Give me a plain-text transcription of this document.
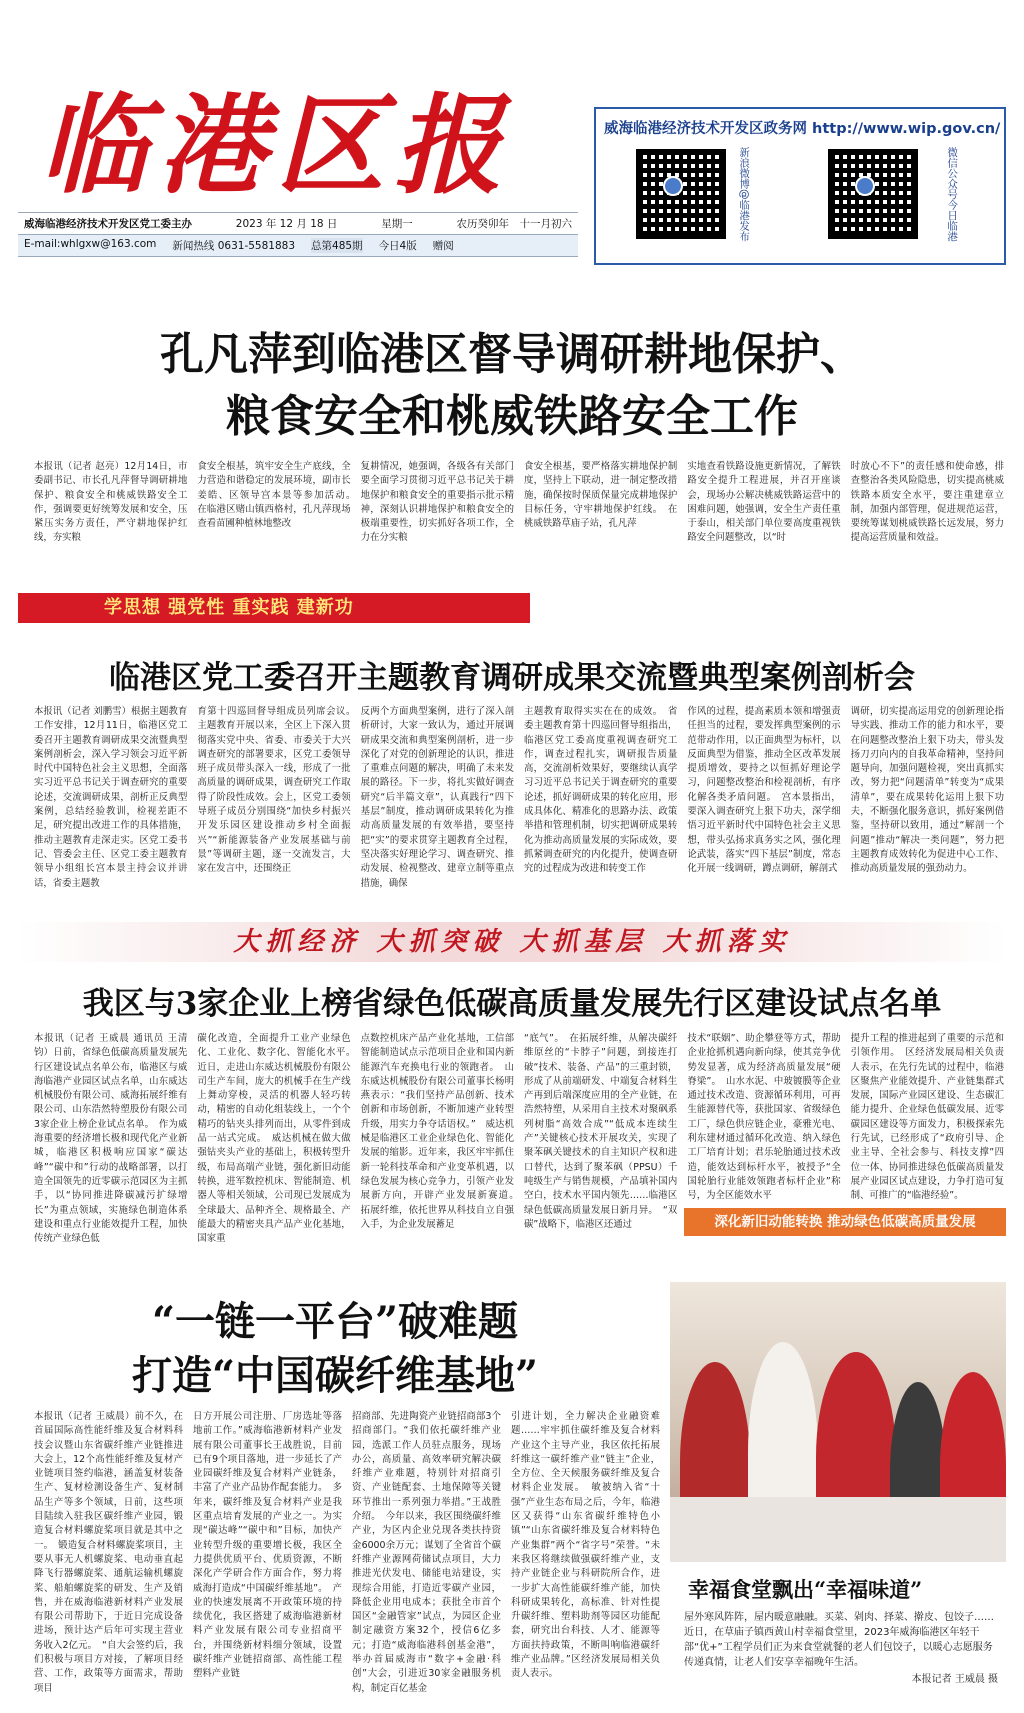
临港区报
威海临港经济技术开发区党工委主办	2023 年 12 月 18 日	星期一	农历癸卯年　十一月初六
E-mail:whlgxw@163.com 新闻热线 0631-5581883 总第485期 今日4版 赠阅
威海临港经济技术开发区政务网 http://www.wip.gov.cn/
新浪微博@临港发布	微信公众号今日临港
孔凡萍到临港区督导调研耕地保护、
粮食安全和桃威铁路安全工作
本报讯（记者 赵亮）12月14日，市委副书记、市长孔凡萍督导调研耕地保护、粮食安全和桃威铁路安全工作，强调要更好统筹发展和安全，压紧压实务方责任，严守耕地保护红线，夯实粮
食安全根基，筑牢安全生产底线，全力营造和谐稳定的发展环境，副市长姜皓、区领导宫本景等参加活动。　在临港区赌山镇西格村，孔凡萍现场查看苗圃种植林地整改
复耕情况，她强调，各级各有关部门要全面学习贯彻习近平总书记关于耕地保护和粮食安全的重要指示批示精神，深刻认识耕地保护和粮食安全的极端重要性，切实抓好各项工作，全力在分实粮
食安全根基，要严格落实耕地保护制度，坚持上下联动，进一制定整改措施，确保按时保质保量完成耕地保护目标任务，守牢耕地保护红线。　在桃威铁路草庙子站，孔凡萍
实地查看铁路设施更新情况，了解铁路安全提升工程进展，并召开座谈会，现场办公解决桃威铁路运营中的困难问题，她强调，安全生产责任重于泰山，相关部门单位要高度重视铁路安全问题整改，以“时
时放心不下”的责任感和使命感，排查整治各类风险隐患，切实提高桃威铁路本质安全水平，要注重建章立制，加强内部管理，促进规范运营，要统筹谋划桃威铁路长远发展，努力提高运营质量和效益。
学思想 强党性 重实践 建新功
临港区党工委召开主题教育调研成果交流暨典型案例剖析会
本报讯（记者 刘鹏雪）根据主题教育工作安排，12月11日，临港区党工委召开主题教育调研成果交流暨典型案例剖析会，深入学习领会习近平新时代中国特色社会主义思想，全面落实习近平总书记关于调查研究的重要论述，交流调研成果，剖析正反典型案例，总结经验教训，检视差距不足，研究提出改进工作的具体措施，推动主题教育走深走实。区党工委书记、管委会主任、区党工委主题教育领导小组组长宫本景主持会议并讲话，省委主题教
育第十四巡回督导组成员列席会议。　主题教育开展以来，全区上下深入贯彻落实党中央、省委、市委关于大兴调查研究的部署要求，区党工委领导班子成员带头深入一线，形成了一批高质量的调研成果，调查研究工作取得了阶段性成效。会上，区党工委领导班子成员分别围绕“加快乡村振兴开发乐园区建设推动乡村全面振兴”“新能源装备产业发展基础与前景”等调研主题，逐一交流发言，大家在发言中，还围绕正
反两个方面典型案例，进行了深入剖析研讨，大家一致认为，通过开展调研成果交流和典型案例剖析，进一步深化了对党的创新理论的认识，推进了重难点问题的解决，明确了未来发展的路径。下一步，将扎实做好调查研究“后半篇文章”，认真践行“四下基层”制度，推动调研成果转化为推动高质量发展的有效举措，要坚持把“实”的要求贯穿主题教育全过程，坚决落实好理论学习、调查研究、推动发展、检视整改、建章立制等重点措施，确保
主题教育取得实实在在的成效。　省委主题教育第十四巡回督导组指出，临港区党工委高度重视调查研究工作，调查过程扎实，调研报告质量高，交流剖析效果好，要继续认真学习习近平总书记关于调查研究的重要论述，抓好调研成果的转化应用，形成具体化、精准化的思路办法、政策举措和管理机制，切实把调研成果转化为推动高质量发展的实际成效，要抓紧调查研究的内化提升，使调查研究的过程成为改进和转变工作
作风的过程，提高素质本领和增强责任担当的过程，要发挥典型案例的示范带动作用，以正面典型为标杆，以反面典型为借鉴，推动全区改革发展提质增效，要持之以恒抓好理论学习，问题整改整治和检视剖析，有序化解各类矛盾问题。　宫本景指出，要深入调查研究上狠下功夫，深学细悟习近平新时代中国特色社会主义思想，带头弘扬求真务实之风，强化理论武装，落实“四下基层”制度，常态化开展一线调研，蹲点调研，解剖式
调研，切实提高运用党的创新理论指导实践、推动工作的能力和水平，要在问题整改整治上狠下功夫，带头发扬刀刃向内的自我革命精神，坚持问题导向，加强问题检视，突出真抓实改，努力把“问题清单”转变为“成果清单”，要在成果转化运用上狠下功夫，不断强化服务意识，抓好案例借鉴，坚持研以致用，通过“解剖一个问题”推动“解决一类问题”，努力把主题教育成效转化为促进中心工作、推动高质量发展的强劲动力。
大抓经济 大抓突破 大抓基层 大抓落实
我区与3家企业上榜省绿色低碳高质量发展先行区建设试点名单
本报讯（记者 王威晨 通讯员 王清钧）日前，省绿色低碳高质量发展先行区建设试点名单公布，临港区与威海临港产业园区试点名单，山东威达机械股份有限公司、威海拓展纤维有限公司、山东浩然特塑股份有限公司3家企业上榜企业试点名单。　作为威海重要的经济增长极和现代化产业新城，临港区积极响应国家“碳达峰”“碳中和”行动的战略部署，以打造全国领先的近零碳示范园区为主抓手，以“协同推进降碳减污扩绿增长”为重点领域，实施绿色制造体系建设和重点行业能效提升工程，加快传统产业绿色低
碳化改造，全面提升工业产业绿色化、工业化、数字化、智能化水平。　近日，走进山东威达机械股份有限公司生产车间，庞大的机械手在生产线上舞动穿梭，灵活的机器人轻巧转动，精密的自动化组装线上，一个个精巧的钻夹头排列而出，从零件到成品一站式完成。　威达机械在做大做强钻夹头产业的基础上，积极转型升级，布局高端产业链，强化新旧动能转换，进军数控机床、智能制造、机器人等相关领域，公司现已发展成为全球最大、品种齐全、规格最全、产能最大的精密夹具产品产业化基地，国家重
点数控机床产品产业化基地，工信部智能制造试点示范项目企业和国内新能源汽车充换电行业的领跑者。　山东威达机械股份有限公司董事长杨明燕表示：“我们坚持产品创新、技术创新和市场创新，不断加速产业转型升级，用实力争夺话语权。”　威达机械是临港区工业企业绿色化、智能化发展的缩影。近年来，我区牢牢抓住新一轮科技革命和产业变革机遇，以绿色发展为核心竞争力，引领产业发展新方向，开辟产业发展新赛道。　拓展纤维，依托世界从科技自立自强入手，为企业发展蓄足
“底气”。　在拓展纤维，从解决碳纤维原丝的“卡脖子”问题，到接连打破“技术、装备、产品”的三重封锁，形成了从前端研发、中端复合材料生产再到后端深度应用的全产业链，在浩然特塑，从采用自主技术对聚砜系列树脂“高效合成”“低成本连续生产”关键核心技术开展攻关，实现了聚苯砜关键技术的自主知识产权和进口替代，达到了聚苯砜（PPSU）千吨级生产与销售规模，产品填补国内空白，技术水平国内领先……临港区绿色低碳高质量发展日新月异。　“双碳”战略下，临港区还通过
技术“联姻”、助企攀登等方式，帮助企业抢抓机遇向新向绿，使其竞争优势发显著，成为经济高质量发展“硬脊梁”。　山水水泥、中玻镀膜等企业通过技术改造、资源循环利用，可再生能源替代等，获批国家、省级绿色工厂，绿色供应链企业，豪雅光电、利东建材通过循环化改造、纳入绿色工厂培育计划；君乐轮胎通过技术改造，能效达到标杆水平，被授予“全国轮胎行业能效领跑者标杆企业”称号，为全区能效水平
提升工程的推进起到了重要的示范和引领作用。　区经济发展局相关负责人表示，在先行先试的过程中，临港区聚焦产业能效提升、产业链集群式发展，国际产业园区建设、生态碳汇能力提升、企业绿色低碳发展、近零碳园区建设等方面发力，积极探索先行先试，已经形成了“政府引导、企业主导、全社会参与、科技支撑”四位一体、协同推进绿色低碳高质量发展产业园区试点建设，力争打造可复制、可推广的“临港经验”。
深化新旧动能转换 推动绿色低碳高质量发展
“一链一平台”破难题
打造“中国碳纤维基地”
本报讯（记者 王威晨）前不久，在首届国际高性能纤维及复合材料科技会议暨山东省碳纤维产业链推进大会上，12个高性能纤维及复材产业链项目签约临港，涵盖复材装备生产、复材检测设备生产、复材制品生产等多个领域，日前，这些项目陆续入驻我区碳纤维产业园，锻造复合材料螺旋桨项目就是其中之一。　锻造复合材料螺旋桨项目，主要从事无人机螺旋桨、电动垂直起降飞行器螺旋桨、通航运输机螺旋桨、船舶螺旋桨的研发、生产及销售，并在威海临港新材料产业发展有限公司帮助下，于近日完成设备进场，预计达产后年可实现主营业务收入2亿元。　“自大会签约后，我们积极与项目方对接，了解项目经营、工作，政策等方面需求，帮助项目
日方开展公司注册、厂房选址等落地前工作。”威海临港新材料产业发展有限公司董事长王战胜说，目前已有9个项目落地，进一步延长了产业园碳纤维及复合材料产业链条，丰富了产业产品协作配套能力。　多年来，碳纤维及复合材料产业是我区重点培育发展的产业之一。为实现“碳达峰”“碳中和”目标，加快产业转型升级的重要增长极，我区全力提供优质平台、优质资源，不断深化产学研合作方面合作，努力将威海打造成“中国碳纤维基地”。　产业的快速发展离不开政策环境的持续优化，我区搭建了威海临港新材料产业发展有限公司专业招商平台，并围绕新材料细分领域，设置碳纤维产业链招商部、高性能工程塑料产业链
招商部、先进陶瓷产业链招商部3个招商部门。“我们依托碳纤维产业园，选派工作人员驻点服务，现场办公，高质量、高效率研究解决碳纤维产业难题，特别针对招商引资、产业链配套、土地保障等关键环节推出一系列强力举措。”王战胜介绍。　今年以来，我区围绕碳纤维产业，为区内企业兑现各类扶持资金6000余万元；谋划了全省首个碳纤维产业源网荷储试点项目，大力推进光伏发电、储能电站建设，实现综合用能，打造近零碳产业园，降低企业用电成本；获批全市首个国区“金融管家”试点，为园区企业制定融资方案32个，授信6亿多元；打造“威海临港科创基金港”，举办首届威海市“数字+金融·科创”大会，引进近30家金融服务机构，制定百亿基金
引进计划，全力解决企业融资难题……牢牢抓住碳纤维及复合材料产业这个主导产业，我区依托拓展纤维这一碳纤维产业“链主”企业，全方位、全天候服务碳纤维及复合材料企业发展。　敏被纳入省“十强”产业生态布局之后，今年，临港区又获得“山东省碳纤维特色小镇”“山东省碳纤维及复合材料特色产业集群”两个“省字号”荣誉。“未来我区将继续做强碳纤维产业，支持产业链企业与科研院所合作，进一步扩大高性能碳纤维产能，加快科研成果转化，高标准、针对性提升碳纤维、塑料助剂等园区功能配套，研究出台科技、人才、能源等方面扶持政策，不断叫响临港碳纤维产业品牌。”区经济发展局相关负责人表示。
幸福食堂飘出“幸福味道”
屋外寒风阵阵，屋内暖意融融。买菜、剁肉、择菜、擀皮、包饺子……近日，在草庙子镇西黄山村幸福食堂里，2023年威海临港区年轻干部“优+”工程学员们正为来食堂就餐的老人们包饺子，以暖心志愿服务传递真情，让老人们安享幸福晚年生活。
本报记者 王威晨 摄
